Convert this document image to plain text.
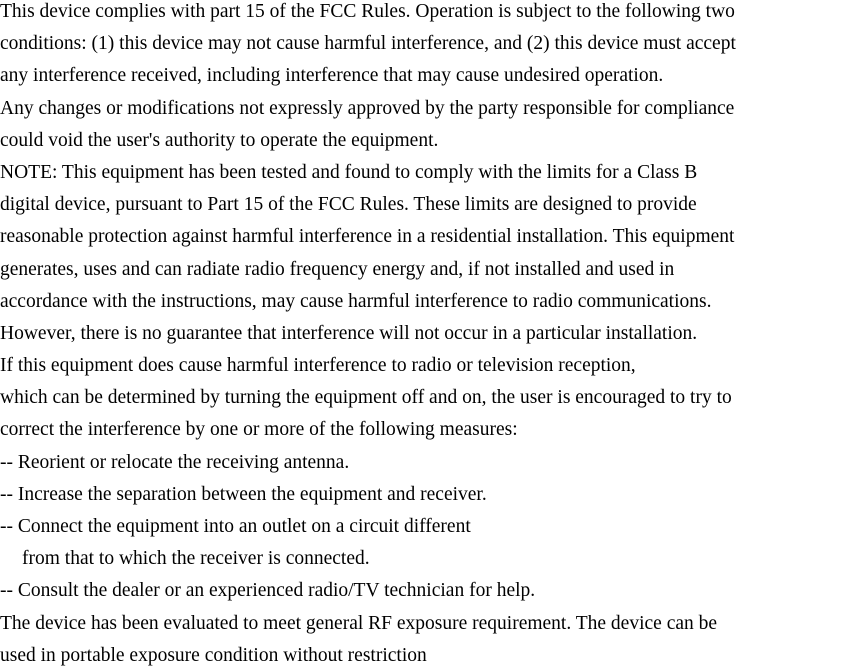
This device complies with part 15 of the FCC Rules. Operation is subject to the following two
conditions: (1) this device may not cause harmful interference, and (2) this device must accept
any interference received, including interference that may cause undesired operation.
Any changes or modifications not expressly approved by the party responsible for compliance
could void the user's authority to operate the equipment.
NOTE: This equipment has been tested and found to comply with the limits for a Class B
digital device, pursuant to Part 15 of the FCC Rules. These limits are designed to provide
reasonable protection against harmful interference in a residential installation. This equipment
generates, uses and can radiate radio frequency energy and, if not installed and used in
accordance with the instructions, may cause harmful interference to radio communications.
However, there is no guarantee that interference will not occur in a particular installation.
If this equipment does cause harmful interference to radio or television reception,
which can be determined by turning the equipment off and on, the user is encouraged to try to
correct the interference by one or more of the following measures:
-- Reorient or relocate the receiving antenna.
-- Increase the separation between the equipment and receiver.
-- Connect the equipment into an outlet on a circuit different
from that to which the receiver is connected.
-- Consult the dealer or an experienced radio/TV technician for help.
The device has been evaluated to meet general RF exposure requirement. The device can be
used in portable exposure condition without restriction
